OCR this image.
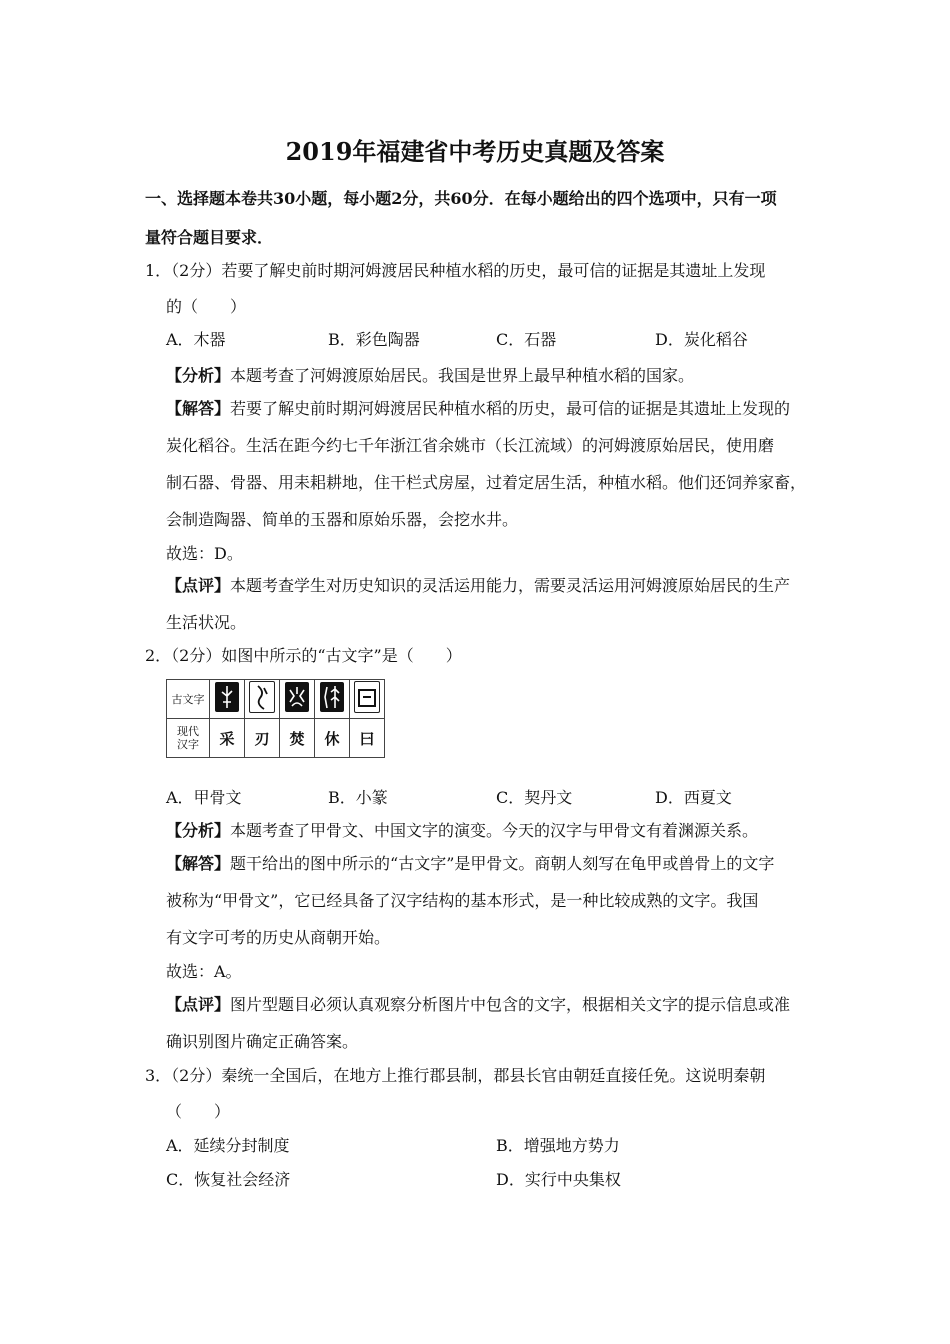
2019年福建省中考历史真题及答案
一、选择题本卷共30小题，每小题2分，共60分．在每小题给出的四个选项中，只有一项
量符合题目要求．
1．（2分）若要了解史前时期河姆渡居民种植水稻的历史，最可信的证据是其遗址上发现
的（　　）
A．木器	B．彩色陶器	C．石器	D．炭化稻谷
【分析】本题考查了河姆渡原始居民。我国是世界上最早种植水稻的国家。
【解答】若要了解史前时期河姆渡居民种植水稻的历史，最可信的证据是其遗址上发现的
炭化稻谷。生活在距今约七千年浙江省余姚市（长江流域）的河姆渡原始居民，使用磨
制石器、骨器、用耒耜耕地，住干栏式房屋，过着定居生活，种植水稻。他们还饲养家畜，
会制造陶器、简单的玉器和原始乐器，会挖水井。
故选：D。
【点评】本题考查学生对历史知识的灵活运用能力，需要灵活运用河姆渡原始居民的生产
生活状况。
2．（2分）如图中所示的“古文字”是（　　）
古文字	

现代
汉字	采	刃	焚	休	曰
A．甲骨文	B．小篆	C．契丹文	D．西夏文
【分析】本题考查了甲骨文、中国文字的演变。今天的汉字与甲骨文有着渊源关系。
【解答】题干给出的图中所示的“古文字”是甲骨文。商朝人刻写在龟甲或兽骨上的文字
被称为“甲骨文”，它已经具备了汉字结构的基本形式，是一种比较成熟的文字。我国
有文字可考的历史从商朝开始。
故选：A。
【点评】图片型题目必须认真观察分析图片中包含的文字，根据相关文字的提示信息或准
确识别图片确定正确答案。
3．（2分）秦统一全国后，在地方上推行郡县制，郡县长官由朝廷直接任免。这说明秦朝
（　　）
A．延续分封制度	B．增强地方势力
C．恢复社会经济	D．实行中央集权
